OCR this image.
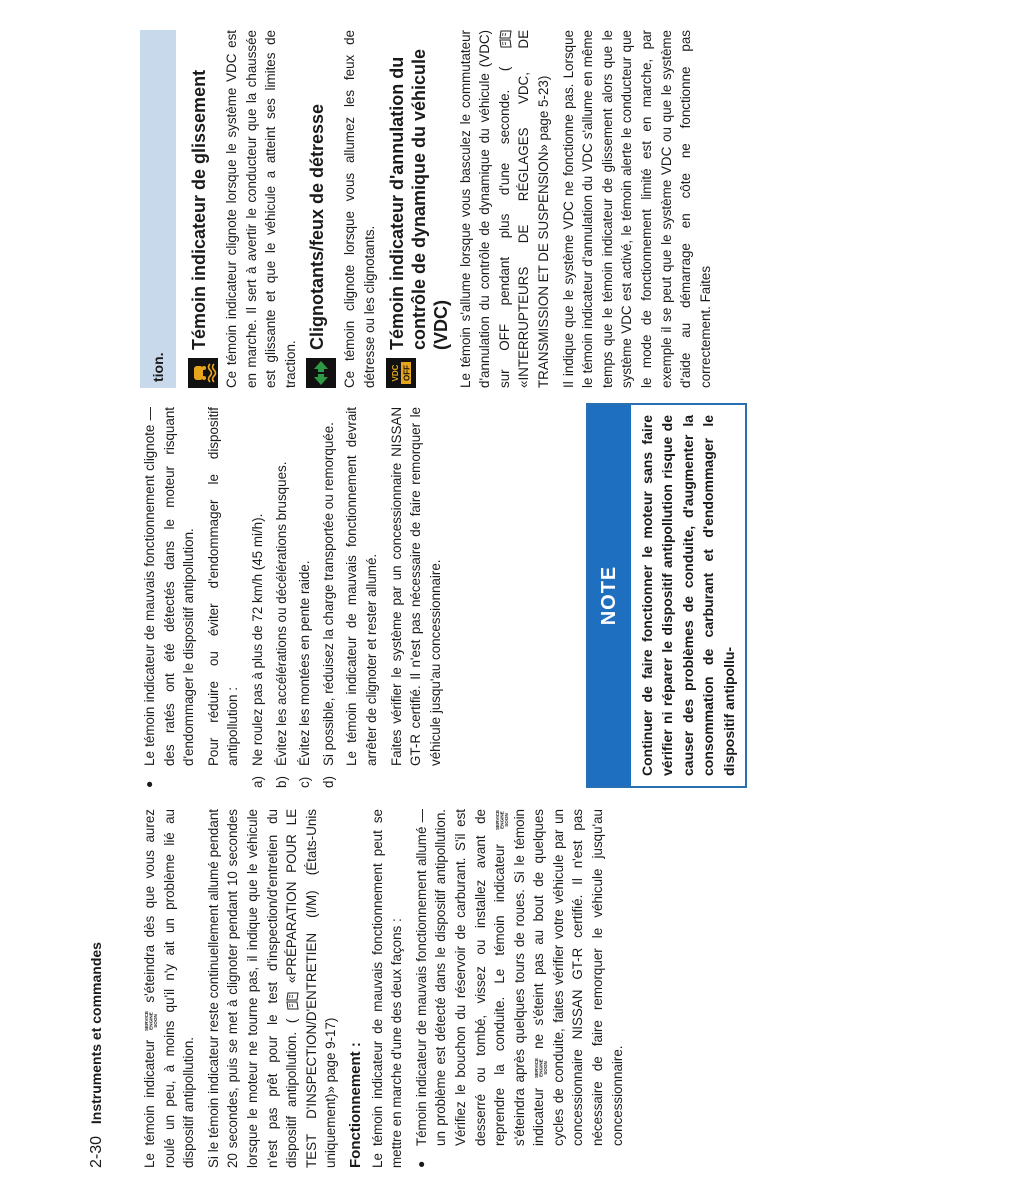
2-30 Instruments et commandes	Le témoin indicateur
SERVICE ENGINE SOON
s'éteindra dès que vous aurez roulé un peu, à moins qu'il n'y ait un problème lié au dispositif antipollution. Si le témoin indicateur reste continuellement allumé pendant 20 secondes, puis se met à clignoter pendant 10 secondes lorsque le moteur ne tourne pas, il indique que le véhicule n'est pas prêt pour le test d'inspection/d'entretien du dispositif antipollution. (
«PRÉPARATION POUR LE TEST D'INSPECTION/D'ENTRETIEN (I/M) (États-Unis uniquement)» page 9-17) Fonctionnement : Le témoin indicateur de mauvais fonctionnement peut se mettre en marche d'une des deux façons :

● Témoin indicateur de mauvais fonctionnement allumé — un problème est détecté dans le dispositif antipollution. Vérifiez le bouchon du réservoir de carburant. S'il est desserré ou tombé, vissez ou installez avant de reprendre la conduite. Le témoin indicateur
SERVICE ENGINE SOON s'éteindra après quelques tours de roues. Si le témoin indicateur
SERVICE ENGINE SOON
ne s'éteint pas au bout de quelques cycles de conduite, faites vérifier votre véhicule par un concessionnaire NISSAN GT-R certifié. Il n'est pas nécessaire de faire remorquer le véhicule jusqu'au concessionnaire.

● Le témoin indicateur de mauvais fonctionnement clignote — des ratés ont été détectés dans le moteur risquant d'endommager le dispositif antipollution. Pour réduire ou éviter d'endommager le dispositif antipollution :

a)
Ne roulez pas à plus de 72 km/h (45 mi/h).
b)
Évitez les accélérations ou décélérations brusques.
c)
Évitez les montées en pente raide.
d)
Si possible, réduisez la charge transportée ou remorquée. Le témoin indicateur de mauvais fonctionnement devrait arrêter de clignoter et rester allumé. Faites vérifier le système par un concessionnaire NISSAN GT-R certifié. Il n'est pas nécessaire de faire remorquer le véhicule jusqu'au concessionnaire.	NOTE	Continuer de faire fonctionner le moteur sans faire vérifier ni réparer le dispositif antipollution risque de causer des problèmes de conduite, d'augmenter la consommation de carburant et d'endommager le dispositif antipollu-
tion.
Témoin indicateur de glissement Ce témoin indicateur clignote lorsque le système VDC est en marche. Il sert à avertir le conducteur que la chaussée est glissante et que le véhicule a atteint ses limites de traction.

Clignotants/feux de détresse Ce témoin clignote lorsque vous allumez les feux de détresse ou les clignotants.	VDC OFF
Témoin indicateur d'annulation du contrôle de dynamique du véhicule (VDC) Le témoin s'allume lorsque vous basculez le commutateur d'annulation du contrôle de dynamique du véhicule (VDC) sur OFF pendant plus d'une seconde. ( «INTERRUPTEURS DE RÉGLAGES VDC, DE TRANSMISSION ET DE SUSPENSION» page 5-23) Il indique que le système VDC ne fonctionne pas. Lorsque le témoin indicateur d'annulation du VDC s'allume en même temps que le témoin indicateur de glissement alors que le système VDC est activé, le témoin alerte le conducteur que le mode de fonctionnement limité est en marche, par exemple il se peut que le système VDC ou que le système d'aide au démarrage en côte ne fonctionne pas correctement. Faites
